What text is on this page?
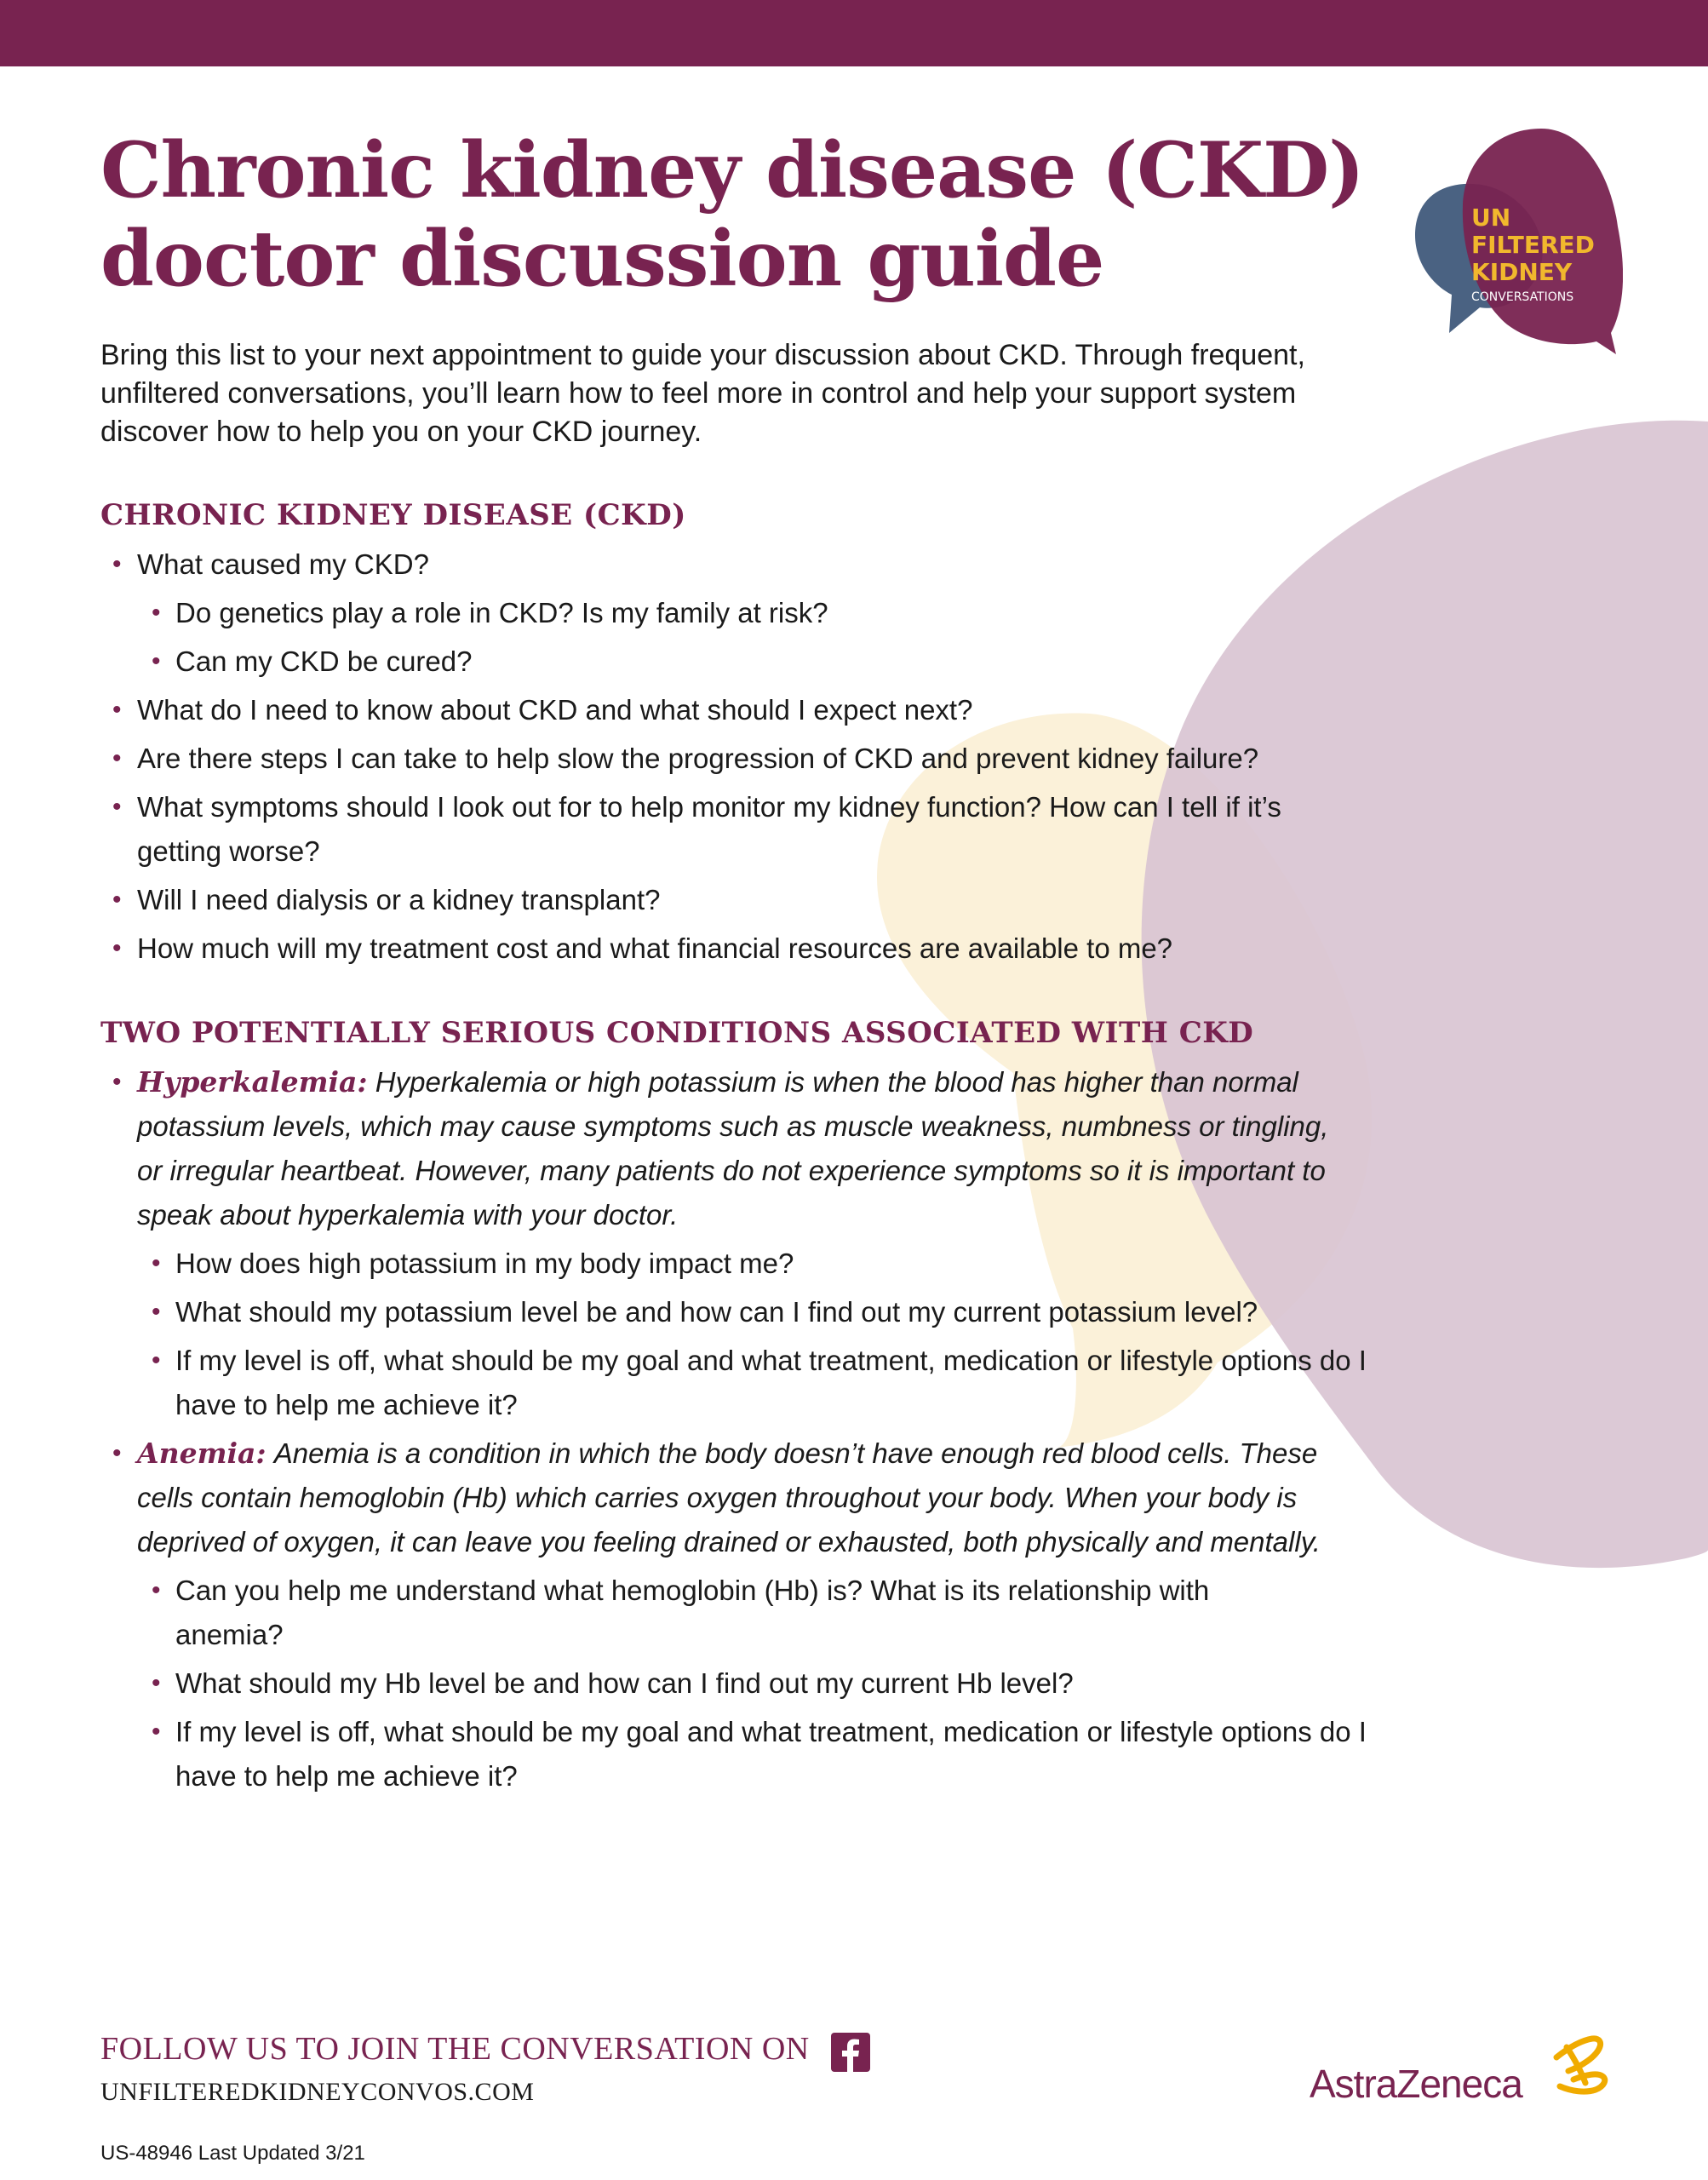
Chronic kidney disease (CKD) doctor discussion guide

Bring this list to your next appointment to guide your discussion about CKD. Through frequent, unfiltered conversations, you’ll learn how to feel more in control and help your support system discover how to help you on your CKD journey.

UN

FILTERED

KIDNEY

CONVERSATIONS

CHRONIC KIDNEY DISEASE (CKD)
• What caused my CKD?
• Do genetics play a role in CKD? Is my family at risk?
• Can my CKD be cured?
• What do I need to know about CKD and what should I expect next?
• Are there steps I can take to help slow the progression of CKD and prevent kidney failure?
• What symptoms should I look out for to help monitor my kidney function? How can I tell if it’s getting worse?
• Will I need dialysis or a kidney transplant?
• How much will my treatment cost and what financial resources are available to me?
TWO POTENTIALLY SERIOUS CONDITIONS ASSOCIATED WITH CKD
• Hyperkalemia: Hyperkalemia or high potassium is when the blood has higher than normal potassium levels, which may cause symptoms such as muscle weakness, numbness or tingling, or irregular heartbeat. However, many patients do not experience symptoms so it is important to speak about hyperkalemia with your doctor.
• How does high potassium in my body impact me?
• What should my potassium level be and how can I find out my current potassium level?
• If my level is off, what should be my goal and what treatment, medication or lifestyle options do I have to help me achieve it?
• Anemia: Anemia is a condition in which the body doesn’t have enough red blood cells. These cells contain hemoglobin (Hb) which carries oxygen throughout your body. When your body is deprived of oxygen, it can leave you feeling drained or exhausted, both physically and mentally.
• Can you help me understand what hemoglobin (Hb) is? What is its relationship with anemia?
• What should my Hb level be and how can I find out my current Hb level?
• If my level is off, what should be my goal and what treatment, medication or lifestyle options do I have to help me achieve it?

FOLLOW US TO JOIN THE CONVERSATION ON

UNFILTEREDKIDNEYCONVOS.COM

US-48946 Last Updated 3/21

AstraZeneca
